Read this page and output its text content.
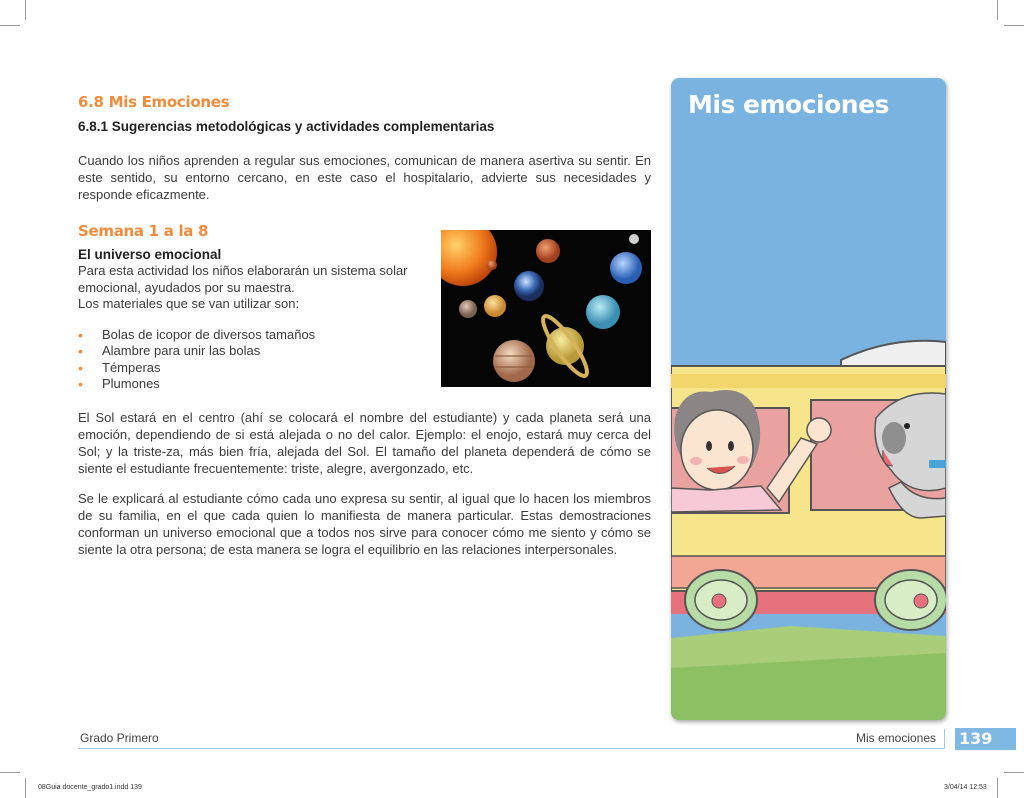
6.8 Mis Emociones
6.8.1 Sugerencias metodológicas y actividades complementarias

Cuando los niños aprenden a regular sus emociones, comunican de manera asertiva su sentir. En este sentido, su entorno cercano, en este caso el hospitalario, advierte sus necesidades y responde eficazmente.

Semana 1 a la 8
El universo emocional
Para esta actividad los niños elaborarán un sistema solar emocional, ayudados por su maestra.
Los materiales que se van utilizar son:
• Bolas de icopor de diversos tamaños
• Alambre para unir las bolas
• Témperas
• Plumones

El Sol estará en el centro (ahí se colocará el nombre del estudiante) y cada planeta será una emoción, dependiendo de si está alejada o no del calor. Ejemplo: el enojo, estará muy cerca del Sol; y la triste-za, más bien fría, alejada del Sol. El tamaño del planeta dependerá de cómo se siente el estudiante frecuentemente: triste, alegre, avergonzado, etc.

Se le explicará al estudiante cómo cada uno expresa su sentir, al igual que lo hacen los miembros de su familia, en el que cada quien lo manifiesta de manera particular. Estas demostraciones conforman un universo emocional que a todos nos sirve para conocer cómo me siento y cómo se siente la otra persona; de esta manera se logra el equilibrio en las relaciones interpersonales.

Mis emociones
Grado Primero	Mis emociones 139
08Guia docente_grado1.indd 139	3/04/14 12:53
